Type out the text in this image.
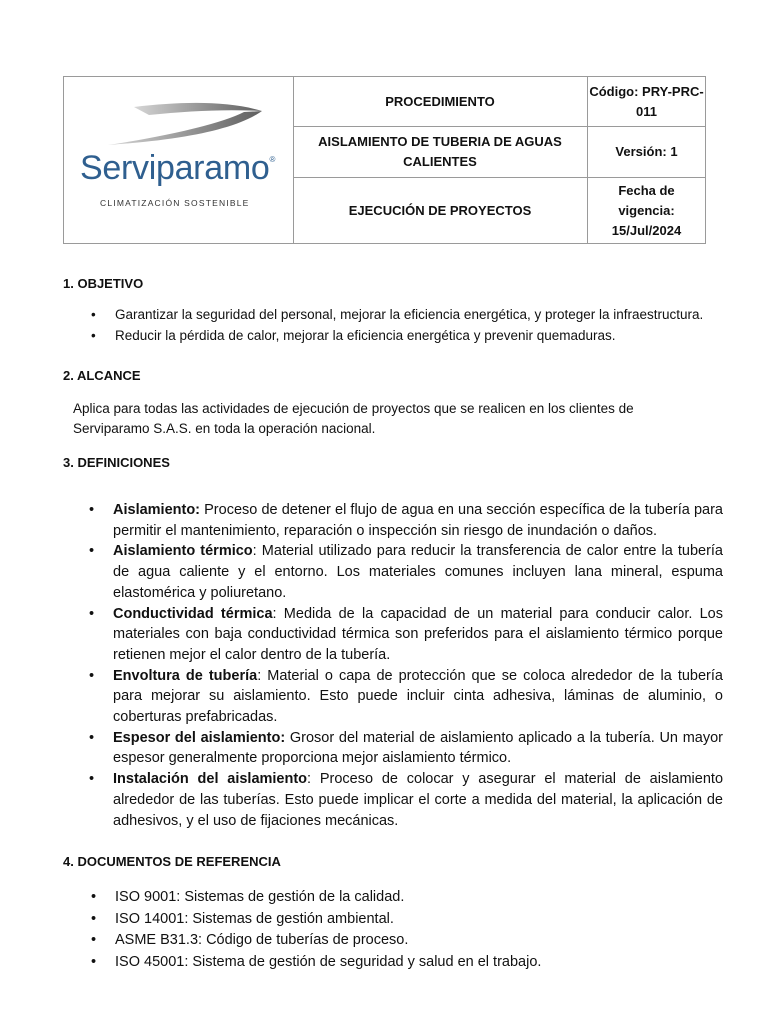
Serviparamo®
CLIMATIZACIÓN SOSTENIBLE
PROCEDIMIENTO
Código: PRY-PRC-011
AISLAMIENTO DE TUBERIA DE AGUAS CALIENTES
Versión: 1
EJECUCIÓN DE PROYECTOS
Fecha de vigencia: 15/Jul/2024
1. OBJETIVO
• Garantizar la seguridad del personal, mejorar la eficiencia energética, y proteger la infraestructura.
• Reducir la pérdida de calor, mejorar la eficiencia energética y prevenir quemaduras.
2. ALCANCE
Aplica para todas las actividades de ejecución de proyectos que se realicen en los clientes de Serviparamo S.A.S. en toda la operación nacional.
3. DEFINICIONES
• Aislamiento: Proceso de detener el flujo de agua en una sección específica de la tubería para permitir el mantenimiento, reparación o inspección sin riesgo de inundación o daños.
• Aislamiento térmico: Material utilizado para reducir la transferencia de calor entre la tubería de agua caliente y el entorno. Los materiales comunes incluyen lana mineral, espuma elastomérica y poliuretano.
• Conductividad térmica: Medida de la capacidad de un material para conducir calor. Los materiales con baja conductividad térmica son preferidos para el aislamiento térmico porque retienen mejor el calor dentro de la tubería.
• Envoltura de tubería: Material o capa de protección que se coloca alrededor de la tubería para mejorar su aislamiento. Esto puede incluir cinta adhesiva, láminas de aluminio, o coberturas prefabricadas.
• Espesor del aislamiento: Grosor del material de aislamiento aplicado a la tubería. Un mayor espesor generalmente proporciona mejor aislamiento térmico.
• Instalación del aislamiento: Proceso de colocar y asegurar el material de aislamiento alrededor de las tuberías. Esto puede implicar el corte a medida del material, la aplicación de adhesivos, y el uso de fijaciones mecánicas.
4. DOCUMENTOS DE REFERENCIA
• ISO 9001: Sistemas de gestión de la calidad.
• ISO 14001: Sistemas de gestión ambiental.
• ASME B31.3: Código de tuberías de proceso.
• ISO 45001: Sistema de gestión de seguridad y salud en el trabajo.
